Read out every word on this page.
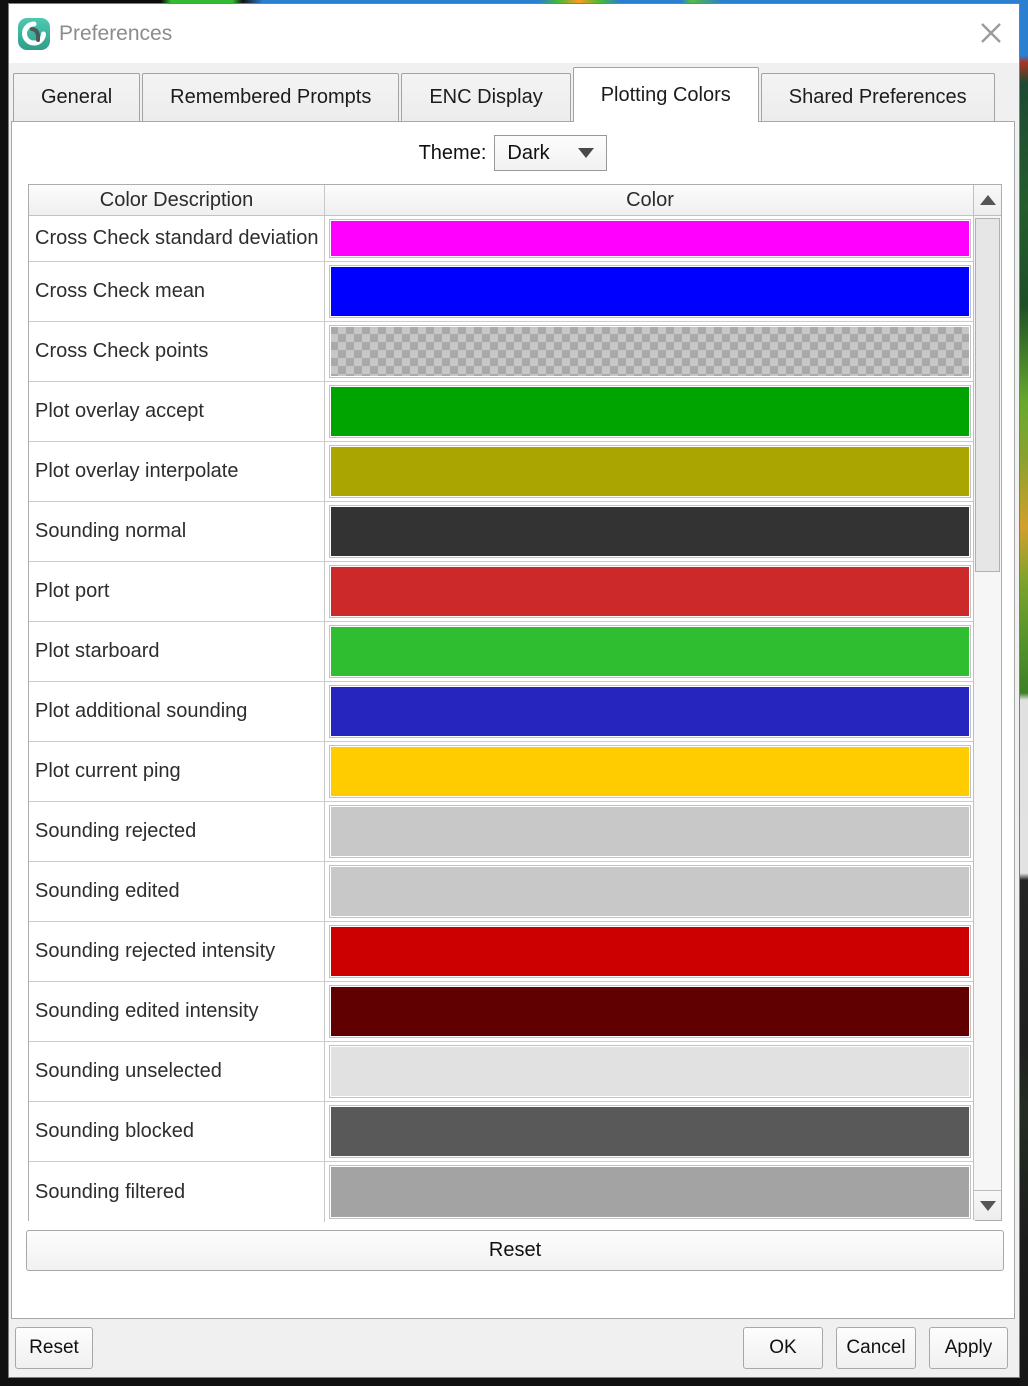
Preferences
General	Remembered Prompts	ENC Display	Plotting Colors	Shared Preferences
Theme: Dark
Color Description	Color
Cross Check standard deviation
Cross Check mean
Cross Check points
Plot overlay accept
Plot overlay interpolate
Sounding normal
Plot port
Plot starboard
Plot additional sounding
Plot current ping
Sounding rejected
Sounding edited
Sounding rejected intensity
Sounding edited intensity
Sounding unselected
Sounding blocked
Sounding filtered
Reset
Reset	OK	Cancel	Apply
